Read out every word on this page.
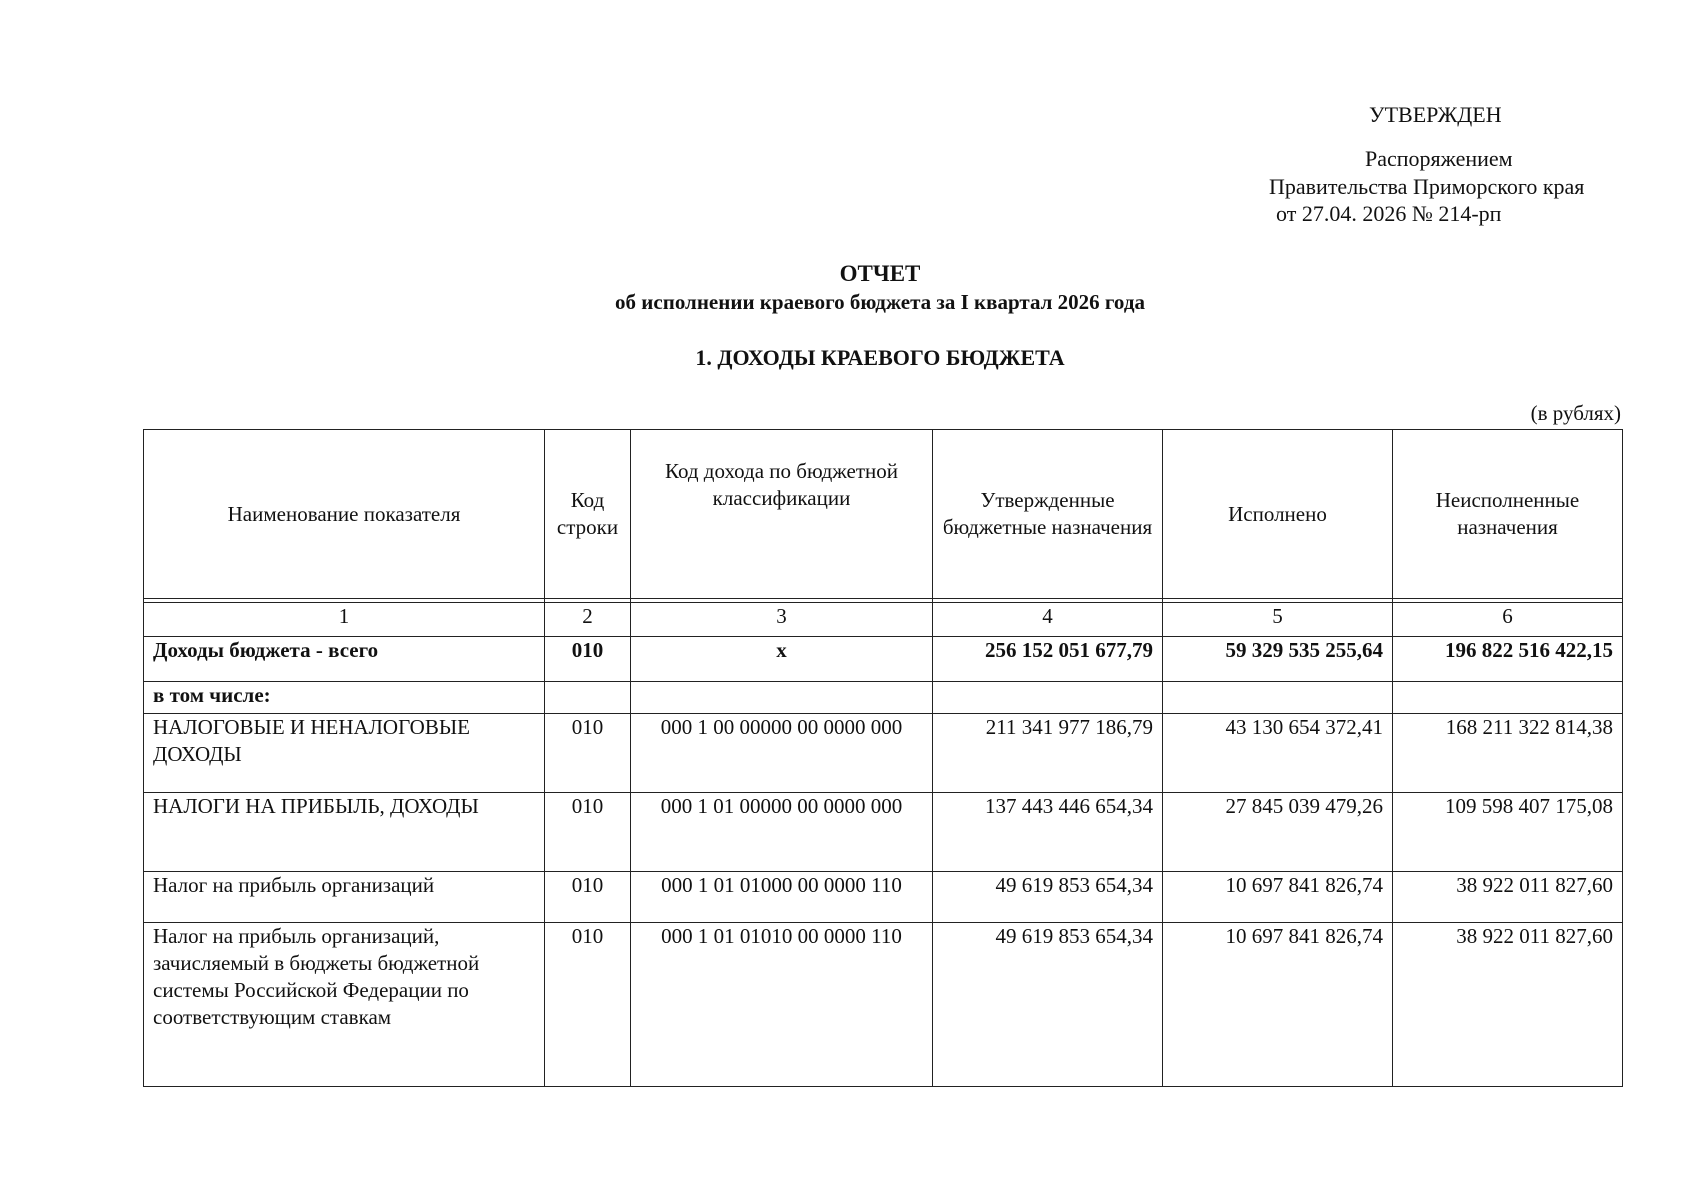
УТВЕРЖДЕН
Распоряжением
Правительства Приморского края
от 27.04. 2026 № 214-рп
ОТЧЕТ
об исполнении краевого бюджета за I квартал 2026 года
1. ДОХОДЫ КРАЕВОГО БЮДЖЕТА
(в рублях)
Наименование показателя	Код строки	Код дохода по бюджетной классификации	Утвержденные бюджетные назначения	Исполнено	Неисполненные назначения

1	2	3	4	5	6
Доходы бюджета - всего	010	x	256 152 051 677,79	59 329 535 255,64	196 822 516 422,15
в том числе:					
НАЛОГОВЫЕ И НЕНАЛОГОВЫЕ ДОХОДЫ	010	000 1 00 00000 00 0000 000	211 341 977 186,79	43 130 654 372,41	168 211 322 814,38
НАЛОГИ НА ПРИБЫЛЬ, ДОХОДЫ	010	000 1 01 00000 00 0000 000	137 443 446 654,34	27 845 039 479,26	109 598 407 175,08
Налог на прибыль организаций	010	000 1 01 01000 00 0000 110	49 619 853 654,34	10 697 841 826,74	38 922 011 827,60
Налог на прибыль организаций, зачисляемый в бюджеты бюджетной системы Российской Федерации по соответствующим ставкам	010	000 1 01 01010 00 0000 110	49 619 853 654,34	10 697 841 826,74	38 922 011 827,60
